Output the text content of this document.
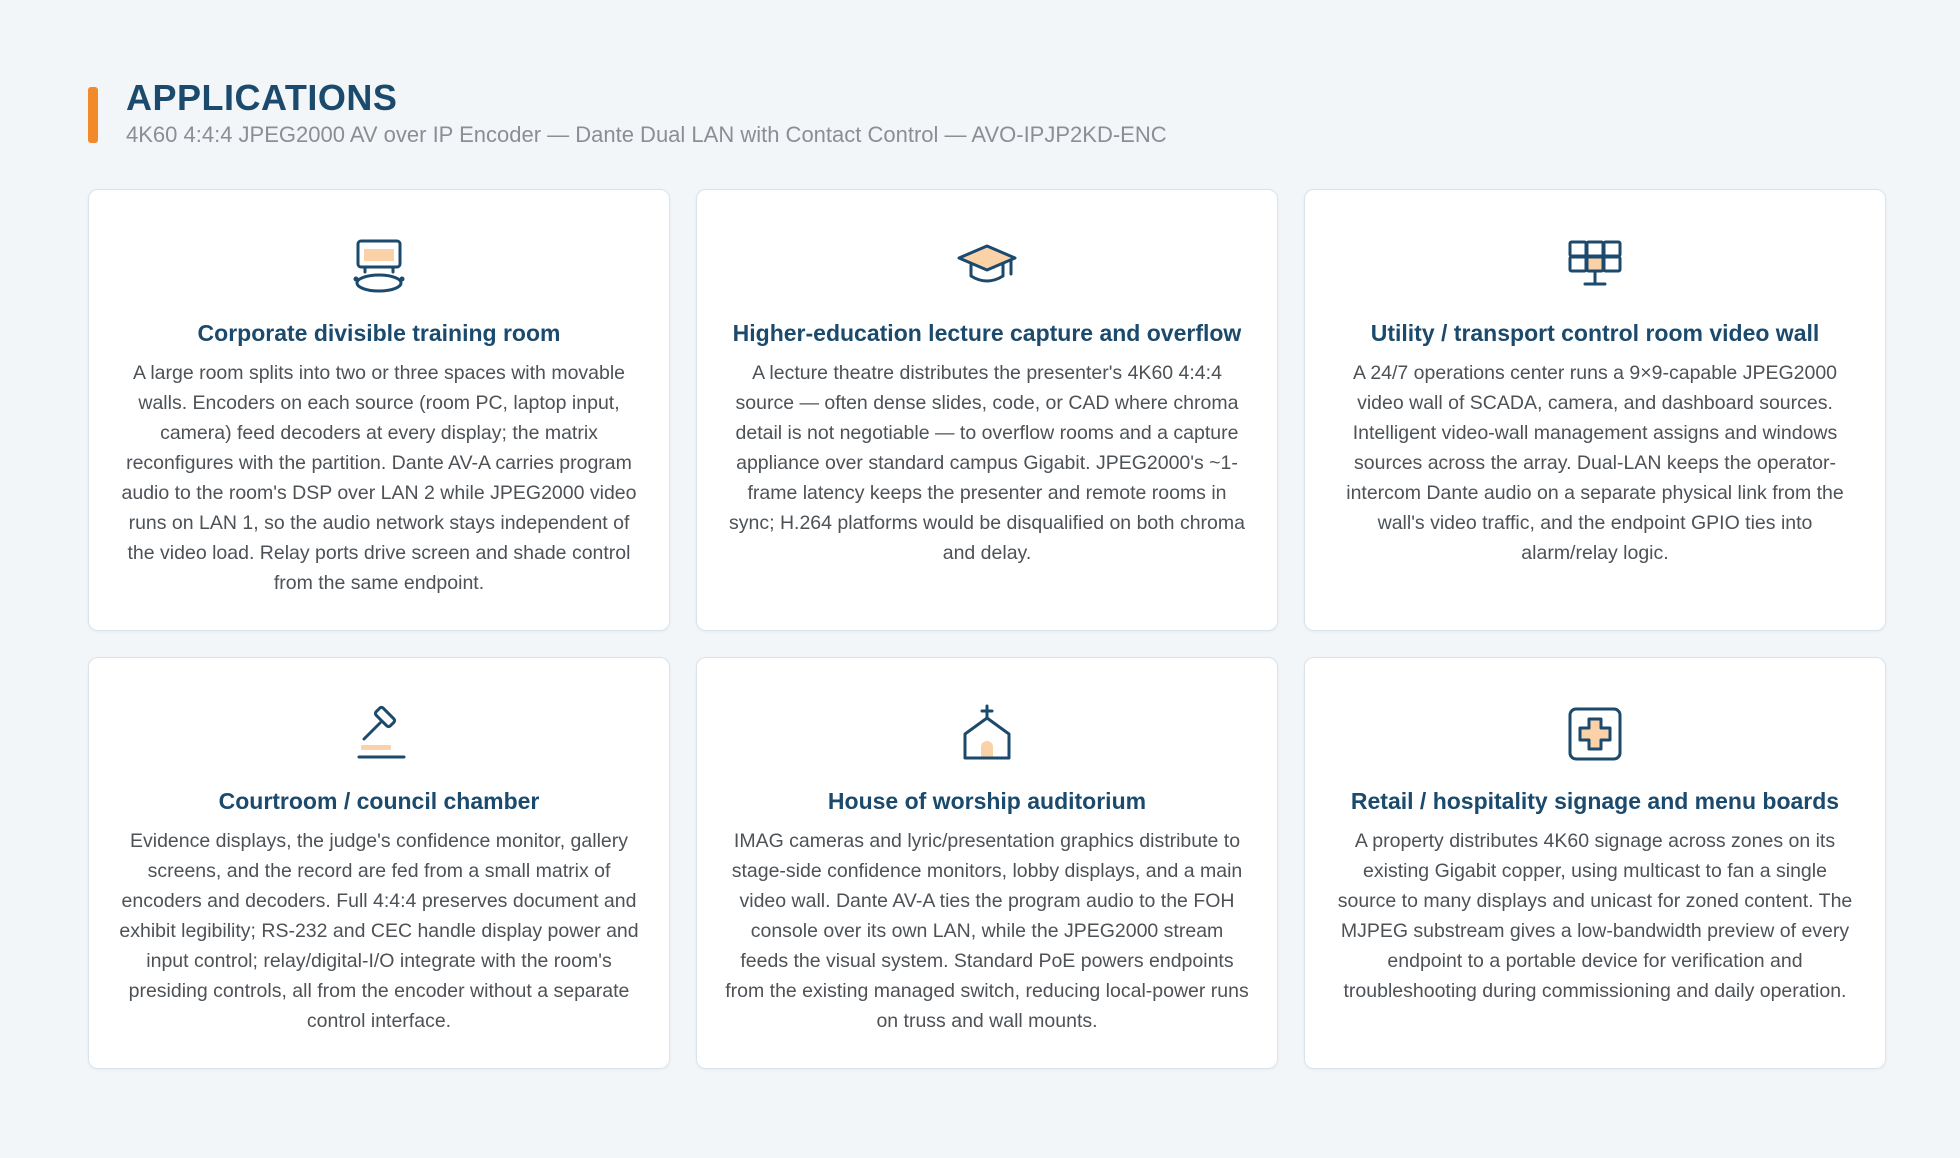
APPLICATIONS

4K60 4:4:4 JPEG2000 AV over IP Encoder — Dante Dual LAN with Contact Control — AVO-IPJP2KD-ENC

Corporate divisible training room

A large room splits into two or three spaces with movable walls. Encoders on each source (room PC, laptop input, camera) feed decoders at every display; the matrix reconfigures with the partition. Dante AV-A carries program audio to the room's DSP over LAN 2 while JPEG2000 video runs on LAN 1, so the audio network stays independent of the video load. Relay ports drive screen and shade control from the same endpoint.

Higher-education lecture capture and overflow

A lecture theatre distributes the presenter's 4K60 4:4:4 source — often dense slides, code, or CAD where chroma detail is not negotiable — to overflow rooms and a capture appliance over standard campus Gigabit. JPEG2000's ~1-frame latency keeps the presenter and remote rooms in sync; H.264 platforms would be disqualified on both chroma and delay.

Utility / transport control room video wall

A 24/7 operations center runs a 9×9-capable JPEG2000 video wall of SCADA, camera, and dashboard sources. Intelligent video-wall management assigns and windows sources across the array. Dual-LAN keeps the operator-intercom Dante audio on a separate physical link from the wall's video traffic, and the endpoint GPIO ties into alarm/relay logic.

Courtroom / council chamber

Evidence displays, the judge's confidence monitor, gallery screens, and the record are fed from a small matrix of encoders and decoders. Full 4:4:4 preserves document and exhibit legibility; RS-232 and CEC handle display power and input control; relay/digital-I/O integrate with the room's presiding controls, all from the encoder without a separate control interface.

House of worship auditorium

IMAG cameras and lyric/presentation graphics distribute to stage-side confidence monitors, lobby displays, and a main video wall. Dante AV-A ties the program audio to the FOH console over its own LAN, while the JPEG2000 stream feeds the visual system. Standard PoE powers endpoints from the existing managed switch, reducing local-power runs on truss and wall mounts.

Retail / hospitality signage and menu boards

A property distributes 4K60 signage across zones on its existing Gigabit copper, using multicast to fan a single source to many displays and unicast for zoned content. The MJPEG substream gives a low-bandwidth preview of every endpoint to a portable device for verification and troubleshooting during commissioning and daily operation.
